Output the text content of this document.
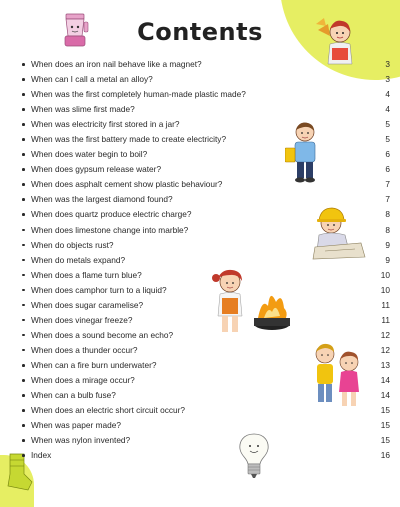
Contents
When does an iron nail behave like a magnet?	3
When can I call a metal an alloy?	3
When was the first completely human-made plastic made?	4
When was slime first made?	4
When was electricity first stored in a jar?	5
When was the first battery made to create electricity?	5
When does water begin to boil?	6
When does gypsum release water?	6
When does asphalt cement show plastic behaviour?	7
When was the largest diamond found?	7
When does quartz produce electric charge?	8
When does limestone change into marble?	8
When do objects rust?	9
When do metals expand?	9
When does a flame turn blue?	10
When does camphor turn to a liquid?	10
When does sugar caramelise?	11
When does vinegar freeze?	11
When does a sound become an echo?	12
When does a thunder occur?	12
When can a fire burn underwater?	13
When does a mirage occur?	14
When can a bulb fuse?	14
When does an electric short circuit occur?	15
When was paper made?	15
When was nylon invented?	15
Index	16
